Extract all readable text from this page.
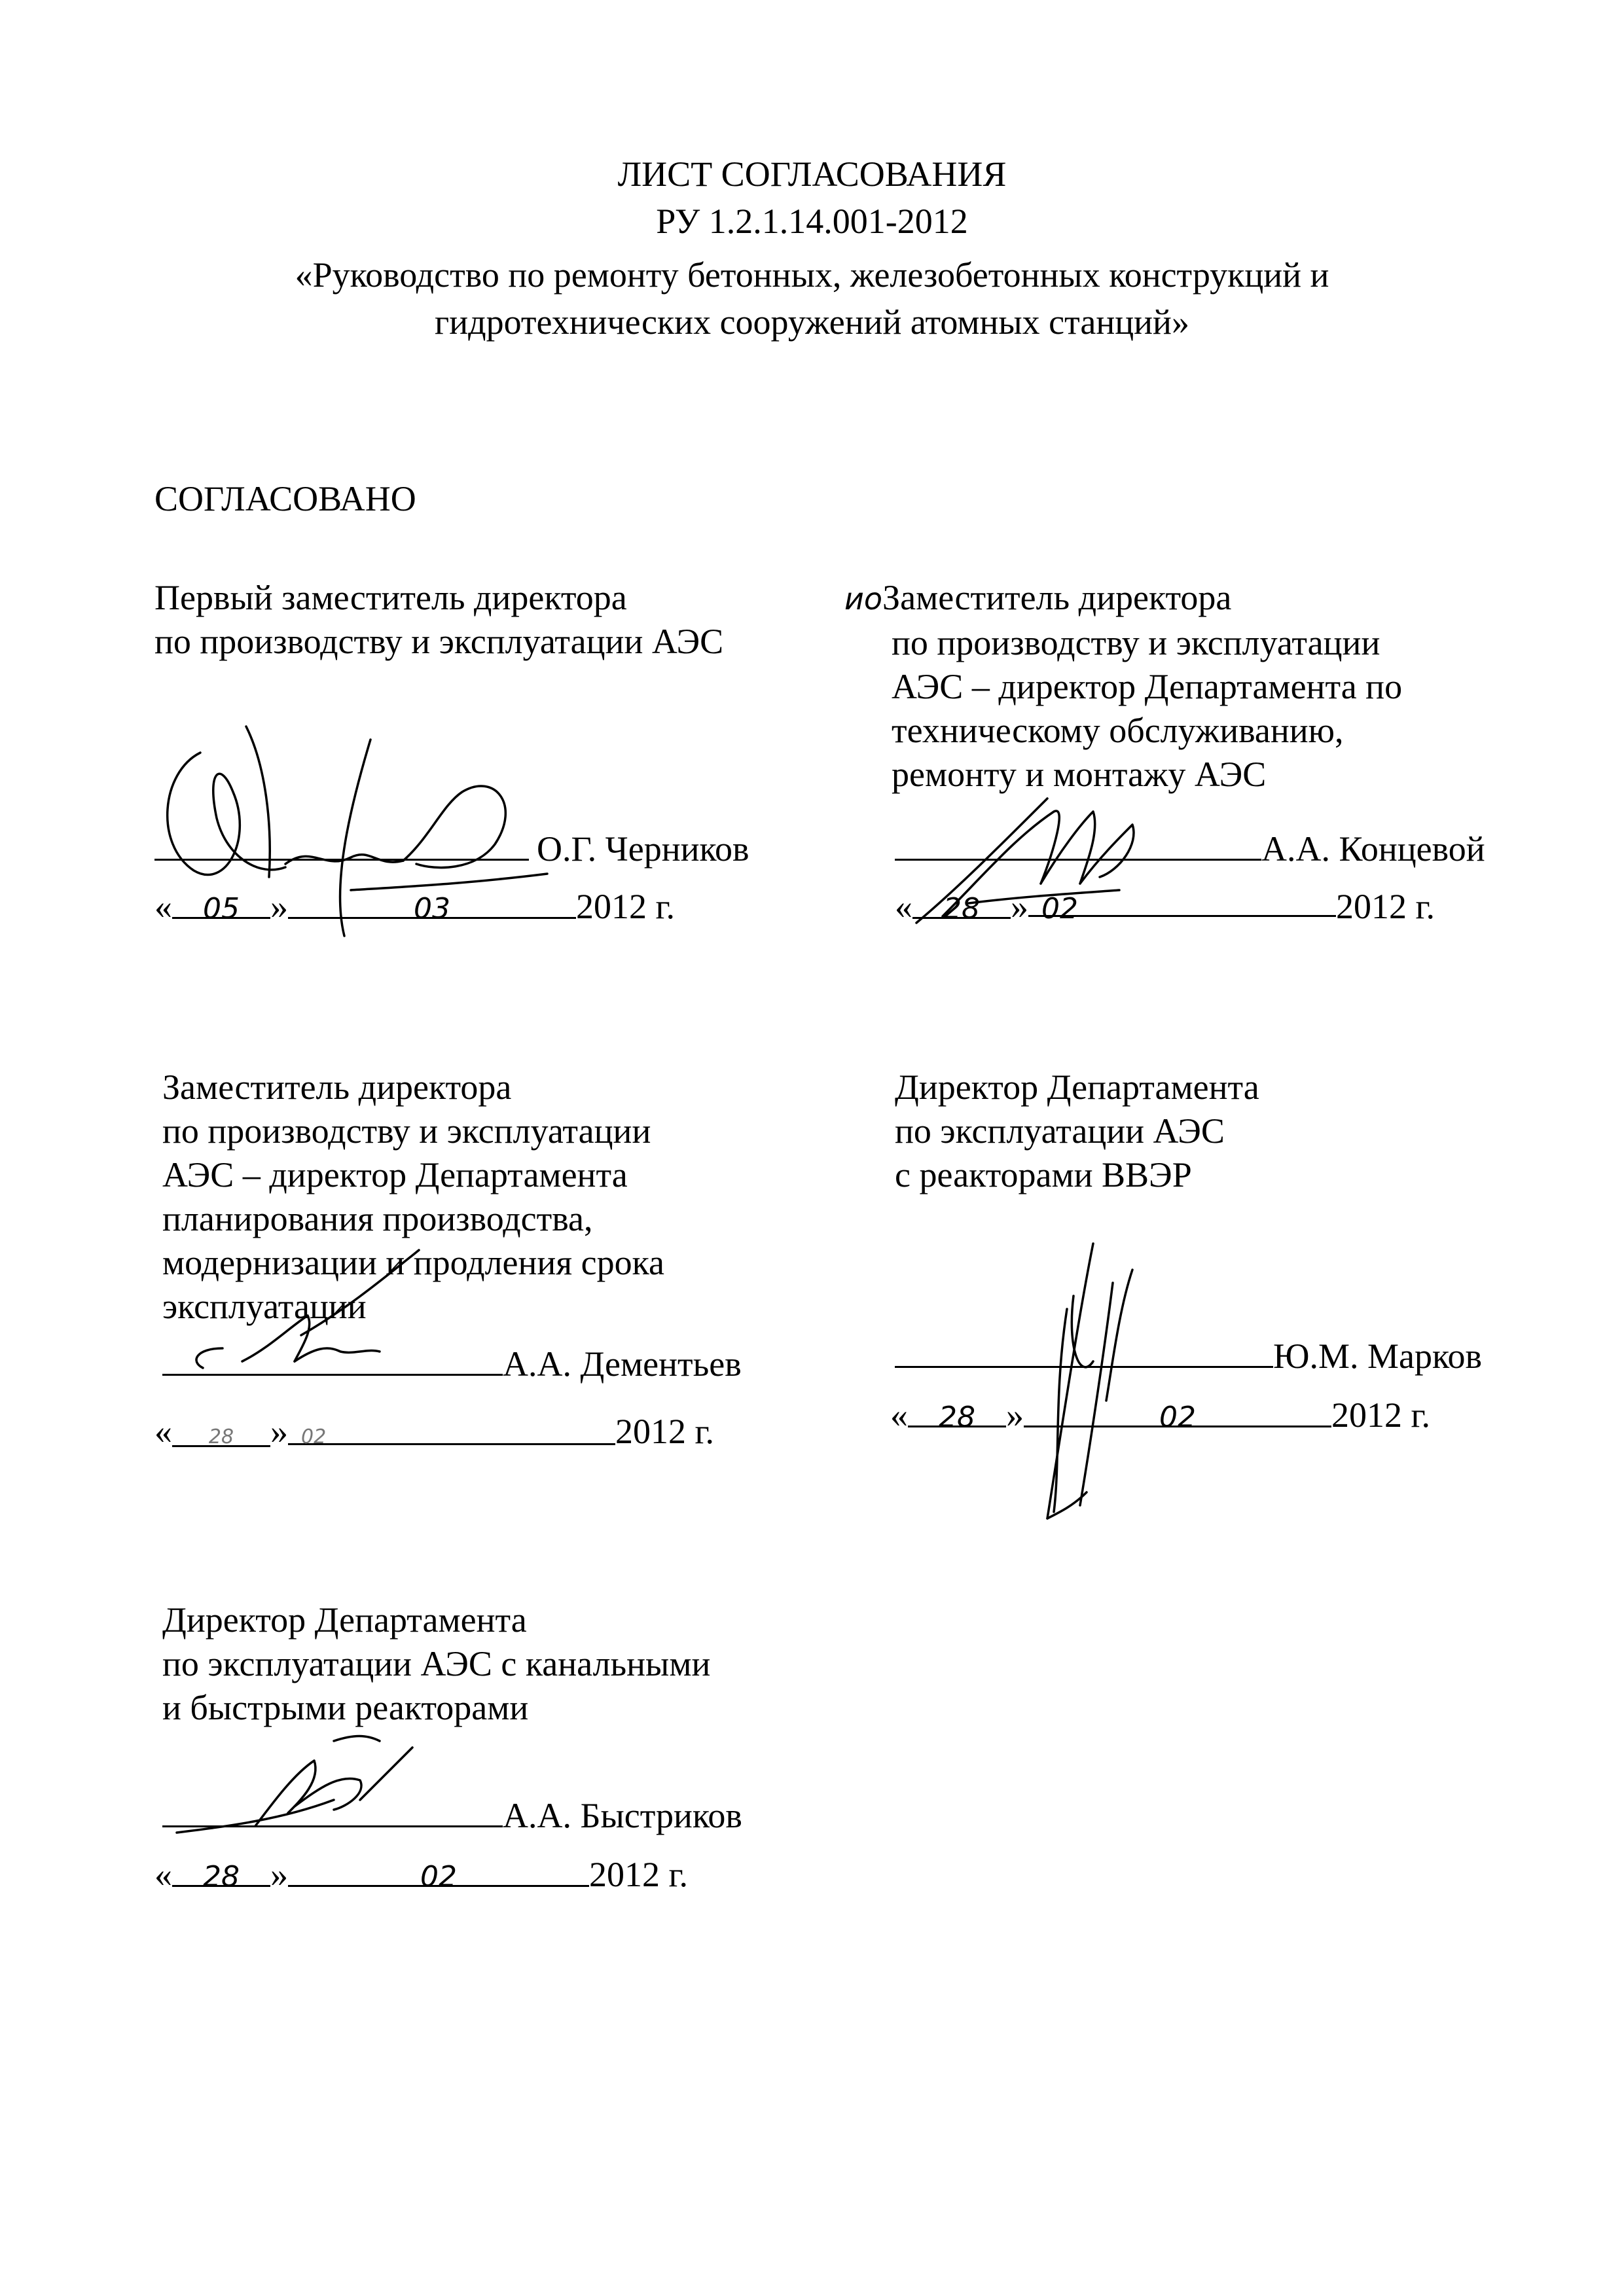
ЛИСТ СОГЛАСОВАНИЯ
РУ 1.2.1.14.001-2012
«Руководство по ремонту бетонных, железобетонных конструкций и
гидротехнических сооружений атомных станций»
СОГЛАСОВАНО
Первый заместитель директора
по производству и эксплуатации АЭС
О.Г. Черников
« 05 »	03	2012 г.
иоЗаместитель директора
по производству и эксплуатации
АЭС – директор Департамента по
техническому обслуживанию,
ремонту и монтажу АЭС
А.А. Концевой
« 28 » 02	2012 г.
Заместитель директора
по производству и эксплуатации
АЭС – директор Департамента
планирования производства,
модернизации и продления срока
эксплуатации
А.А. Дементьев
« 28 » 02	2012 г.
Директор Департамента
по эксплуатации АЭС
с реакторами ВВЭР
Ю.М. Марков
« 28 »	02	2012 г.
Директор Департамента
по эксплуатации АЭС с канальными
и быстрыми реакторами
А.А. Быстриков
« 28 »	02	2012 г.
